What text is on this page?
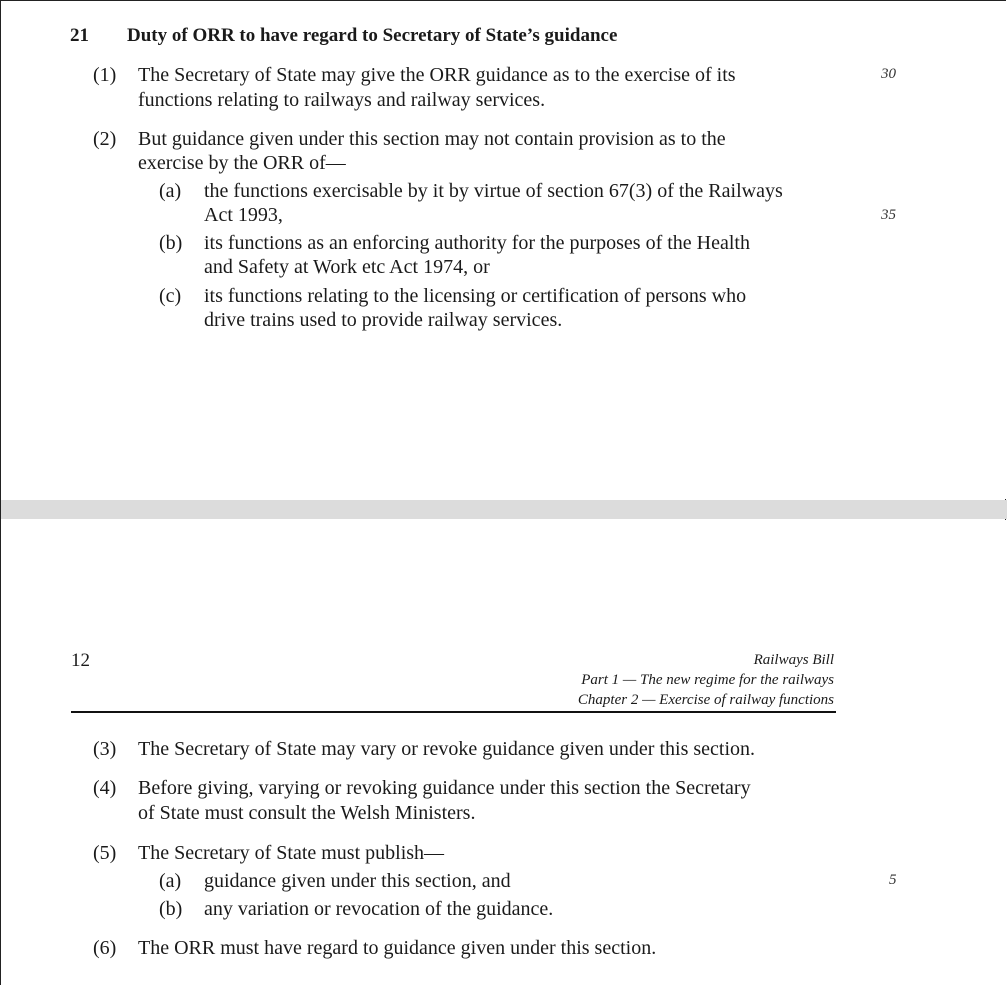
21 Duty of ORR to have regard to Secretary of State’s guidance
(1) The Secretary of State may give the ORR guidance as to the exercise of its
functions relating to railways and railway services.
30
(2) But guidance given under this section may not contain provision as to the
exercise by the ORR of—
(a) the functions exercisable by it by virtue of section 67(3) of the Railways
Act 1993,	35
(b) its functions as an enforcing authority for the purposes of the Health
and Safety at Work etc Act 1974, or
(c) its functions relating to the licensing or certification of persons who
drive trains used to provide railway services.
12	Railways Bill
Part 1 — The new regime for the railways
Chapter 2 — Exercise of railway functions
(3) The Secretary of State may vary or revoke guidance given under this section.
(4) Before giving, varying or revoking guidance under this section the Secretary
of State must consult the Welsh Ministers.
(5) The Secretary of State must publish—
(a) guidance given under this section, and	5
(b) any variation or revocation of the guidance.
(6) The ORR must have regard to guidance given under this section.
